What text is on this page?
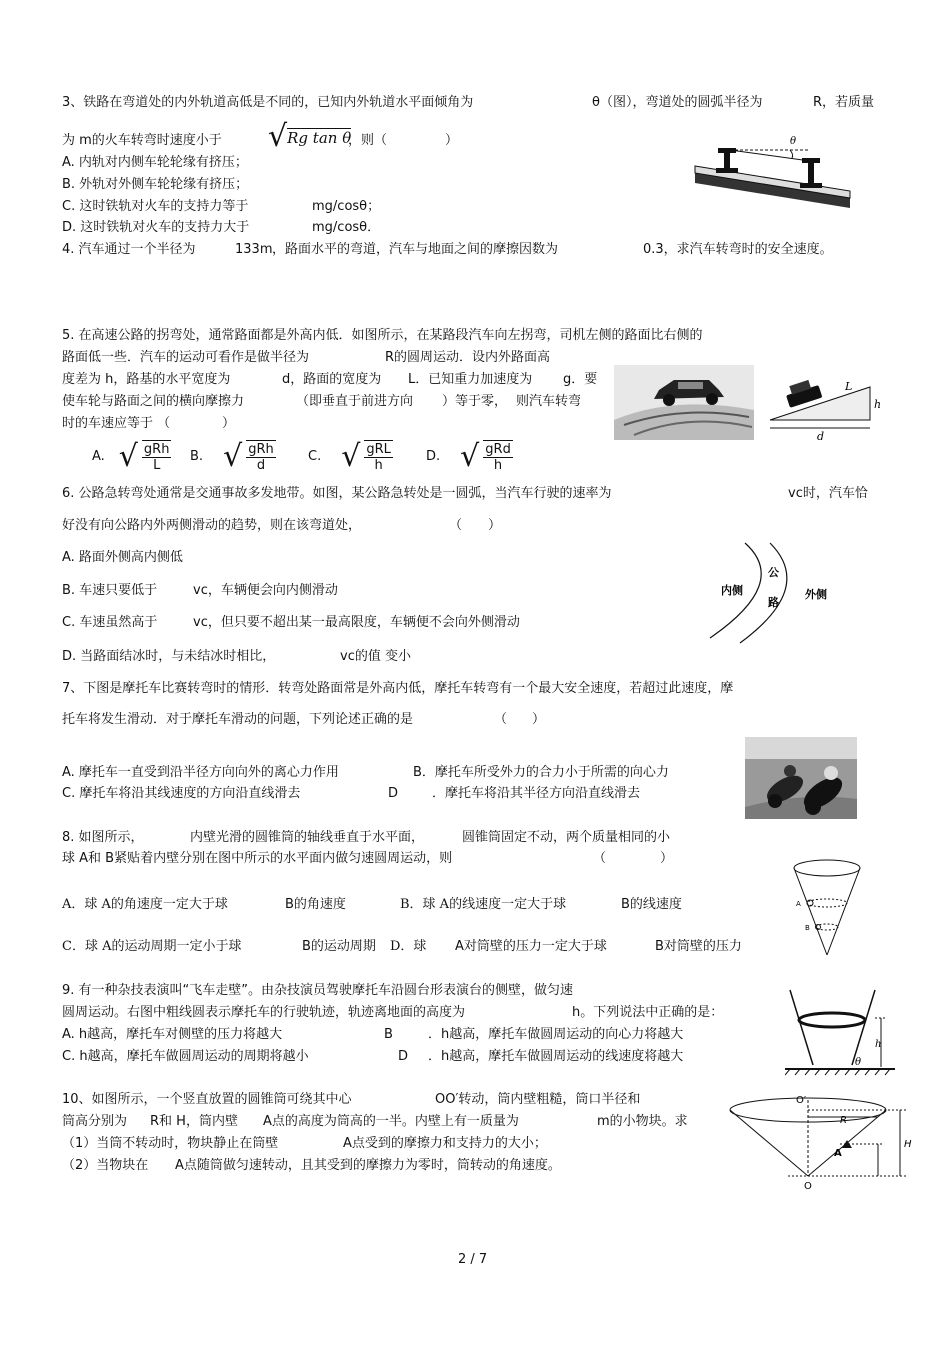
3、铁路在弯道处的内外轨道高低是不同的，已知内外轨道水平面倾角为	θ（图），弯道处的圆弧半径为	R，若质量
为 m的火车转弯时速度小于 √ Rg tan θ
，则（	）
A. 内轨对内侧车轮轮缘有挤压；
B. 外轨对外侧车轮轮缘有挤压；
C. 这时铁轨对火车的支持力等于	mg/cosθ；
D. 这时铁轨对火车的支持力大于	mg/cosθ．
θ
4. 汽车通过一个半径为	133m ，路面水平的弯道，汽车与地面之间的摩擦因数为	0.3，求汽车转弯时的安全速度。
5. 在高速公路的拐弯处，通常路面都是外高内低．如图所示，在某路段汽车向左拐弯，司机左侧的路面比右侧的
路面低一些．汽车的运动可看作是做半径为	R的圆周运动．设内外路面高
度差为 h，路基的水平宽度为	d，路面的宽度为 L．已知重力加速度为 g．要
使车轮与路面之间的横向摩擦力	（即垂直于前进方向 ）等于零， 则汽车转弯
时的车速应等于 （	）
A. √ $\frac{\text{gRh}}{L} B$. √ $\frac{\text{gRh}}{d} C$. √ $\frac{\text{gRL}}{h}$	D. √ $\frac{\text{gRd}}{h}$
L
h
d
6. 公路急转弯处通常是交通事故多发地带。如图，某公路急转处是一圆弧，当汽车行驶的速率为	vc时，汽车恰
好没有向公路内外两侧滑动的趋势，则在该弯道处，	（ ）
A. 路面外侧高内侧低
B. 车速只要低于	vc，车辆便会向内侧滑动
C. 车速虽然高于	vc，但只要不超出某一最高限度，车辆便不会向外侧滑动
D. 当路面结冰时，与未结冰时相比，	vc的值 变小
内侧
公
路
外侧
7、下图是摩托车比赛转弯时的情形．转弯处路面常是外高内低，摩托车转弯有一个最大安全速度，若超过此速度，摩
托车将发生滑动．对于摩托车滑动的问题，下列论述正确的是	（ ）
A. 摩托车一直受到沿半径方向向外的离心力作用	B．摩托车所受外力的合力小于所需的向心力
C. 摩托车将沿其线速度的方向沿直线滑去	D	．摩托车将沿其半径方向沿直线滑去
8. 如图所示，	内壁光滑的圆锥筒的轴线垂直于水平面，	圆锥筒固定不动，两个质量相同的小
球 A和 B紧贴着内壁分别在图中所示的水平面内做匀速圆周运动，则	（	）
A．球 A的角速度一定大于球	B的角速度	B．球 A的线速度一定大于球	B的线速度
C．球 A的运动周期一定小于球	B的运动周期 D．球 A对筒壁的压力一定大于球	B对筒壁的压力
A
B
9. 有一种杂技表演叫“飞车走壁”。由杂技演员驾驶摩托车沿圆台形表演台的侧壁，做匀速
圆周运动。右图中粗线圆表示摩托车的行驶轨迹，轨迹离地面的高度为	h。下列说法中正确的是：
A. h越高，摩托车对侧壁的压力将越大	B	．h越高，摩托车做圆周运动的向心力将越大
C. h越高，摩托车做圆周运动的周期将越小	D ．h越高，摩托车做圆周运动的线速度将越大
h
θ
10、如图所示，一个竖直放置的圆锥筒可绕其中心	OO′转动，筒内壁粗糙，筒口半径和
筒高分别为 R和 H，筒内壁 A点的高度为筒高的一半。内壁上有一质量为	m的小物块。求
（1）当筒不转动时，物块静止在筒壁	A点受到的摩擦力和支持力的大小；
（2）当物块在 A点随筒做匀速转动，且其受到的摩擦力为零时，筒转动的角速度。
O′
R
H
A
O
2 / 7
